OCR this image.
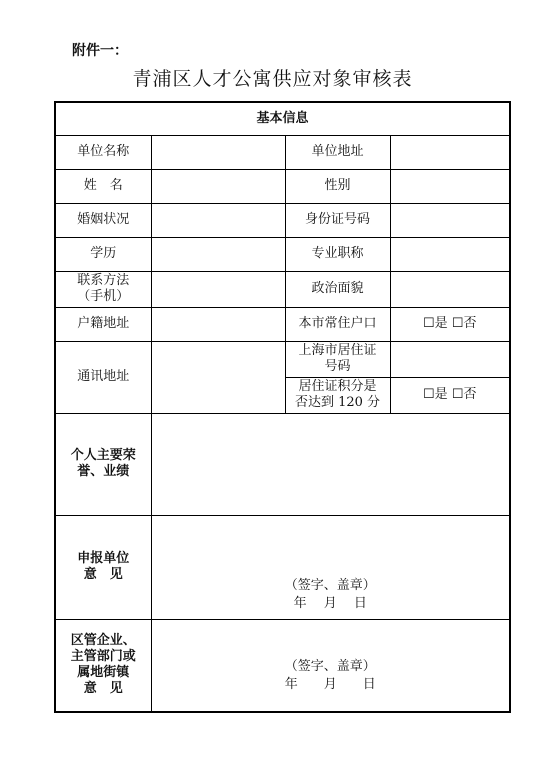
附件一：
青浦区人才公寓供应对象审核表
基本信息			
单位名称		单位地址	
姓　名		性别	
婚姻状况		身份证号码	
学历		专业职称	

联系方法
（手机）		政治面貌	
户籍地址		本市常住户口	☐是 ☐否
通讯地址		上海市居住证
号码	

		居住证积分是
否达到 120 分	☐是 ☐否

个人主要荣
誉、业绩			

申报单位
意　见	（签字、盖章）
年　 月　 日		

区管企业、
主管部门或
属地街镇
意　见	（签字、盖章）
年　　月　　日		
